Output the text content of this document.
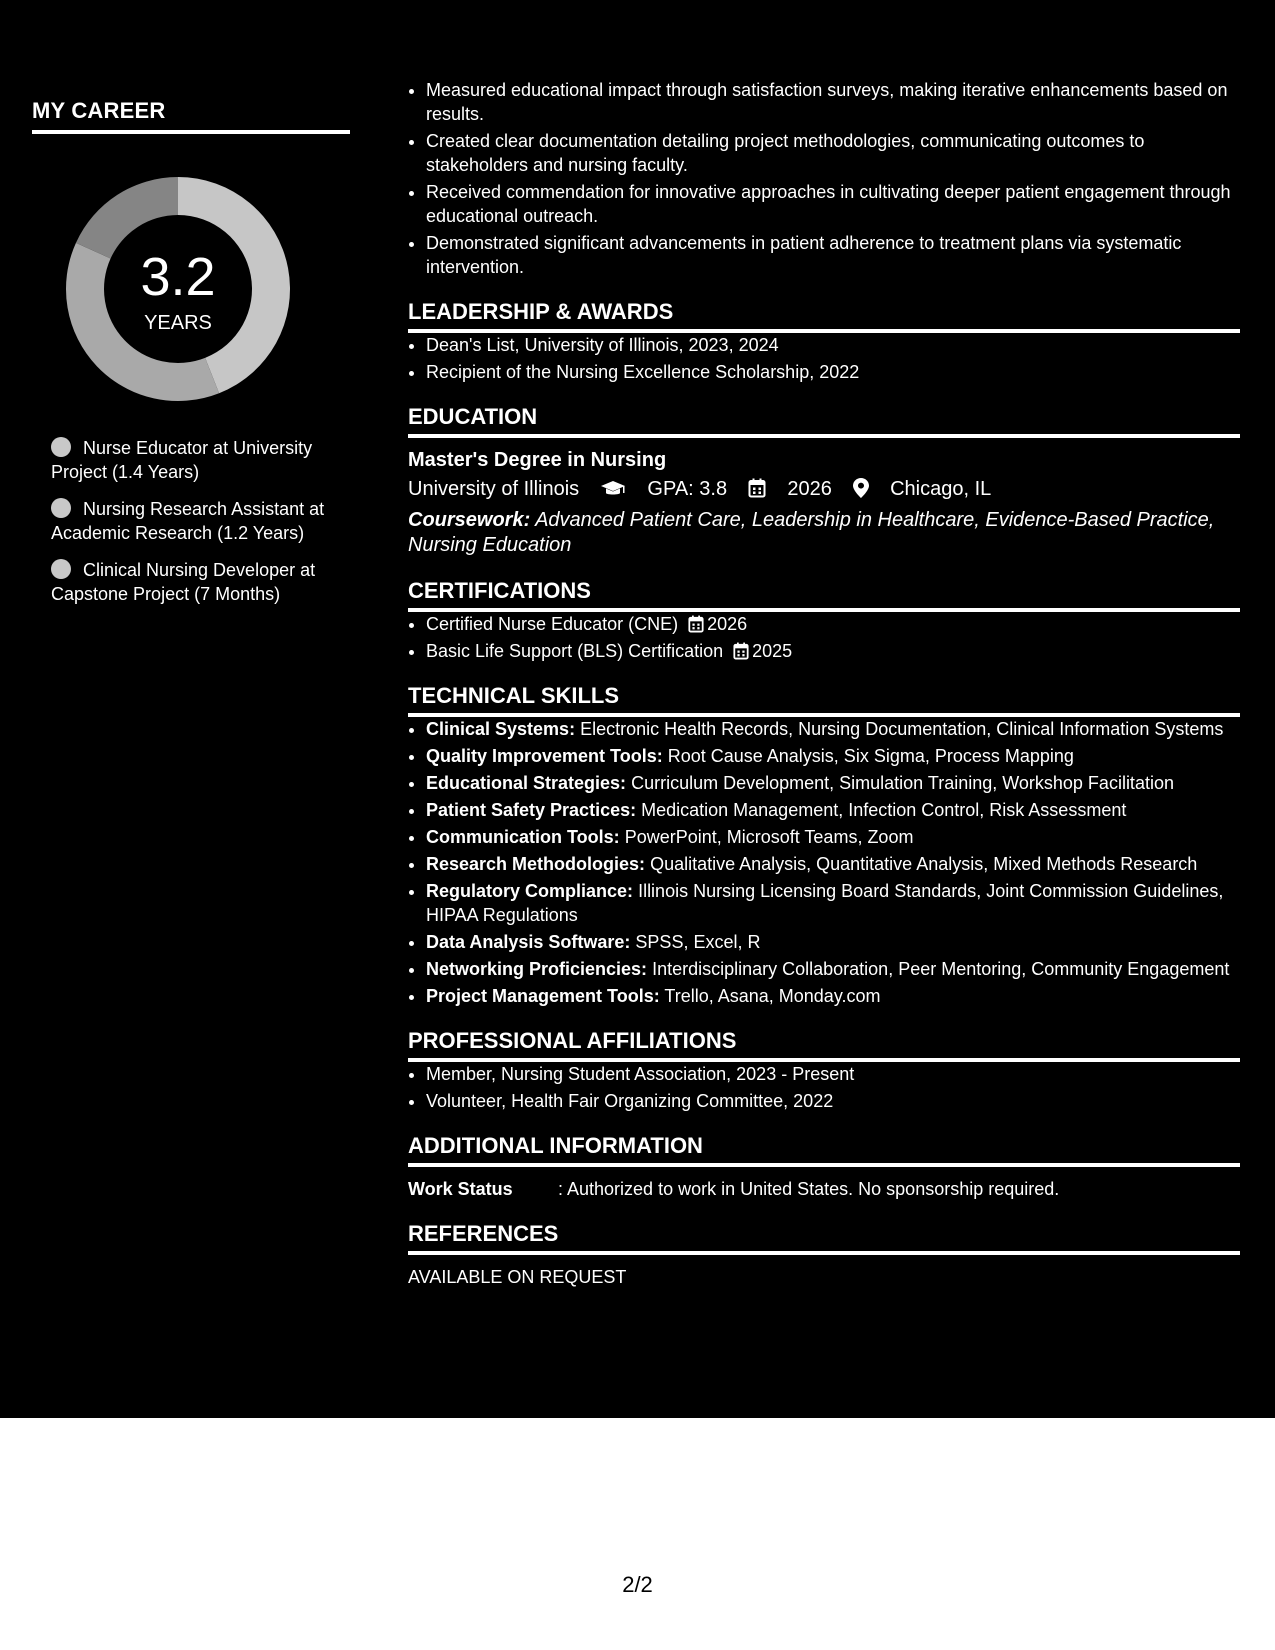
MY CAREER
3.2
YEARS
Nurse Educator at University Project (1.4 Years)
Nursing Research Assistant at Academic Research (1.2 Years)
Clinical Nursing Developer at Capstone Project (7 Months)
• Measured educational impact through satisfaction surveys, making iterative enhancements based on results.
• Created clear documentation detailing project methodologies, communicating outcomes to stakeholders and nursing faculty.
• Received commendation for innovative approaches in cultivating deeper patient engagement through educational outreach.
• Demonstrated significant advancements in patient adherence to treatment plans via systematic intervention.
LEADERSHIP & AWARDS
• Dean's List, University of Illinois, 2023, 2024
• Recipient of the Nursing Excellence Scholarship, 2022
EDUCATION
Master's Degree in Nursing
University of Illinois	GPA: 3.8	2026	Chicago, IL
Coursework: Advanced Patient Care, Leadership in Healthcare, Evidence-Based Practice, Nursing Education
CERTIFICATIONS
• Certified Nurse Educator (CNE) 2026
• Basic Life Support (BLS) Certification 2025
TECHNICAL SKILLS
• Clinical Systems: Electronic Health Records, Nursing Documentation, Clinical Information Systems
• Quality Improvement Tools: Root Cause Analysis, Six Sigma, Process Mapping
• Educational Strategies: Curriculum Development, Simulation Training, Workshop Facilitation
• Patient Safety Practices: Medication Management, Infection Control, Risk Assessment
• Communication Tools: PowerPoint, Microsoft Teams, Zoom
• Research Methodologies: Qualitative Analysis, Quantitative Analysis, Mixed Methods Research
• Regulatory Compliance: Illinois Nursing Licensing Board Standards, Joint Commission Guidelines, HIPAA Regulations
• Data Analysis Software: SPSS, Excel, R
• Networking Proficiencies: Interdisciplinary Collaboration, Peer Mentoring, Community Engagement
• Project Management Tools: Trello, Asana, Monday.com
PROFESSIONAL AFFILIATIONS
• Member, Nursing Student Association, 2023 - Present
• Volunteer, Health Fair Organizing Committee, 2022
ADDITIONAL INFORMATION
Work Status	: Authorized to work in United States. No sponsorship required.
REFERENCES
AVAILABLE ON REQUEST
2/2
